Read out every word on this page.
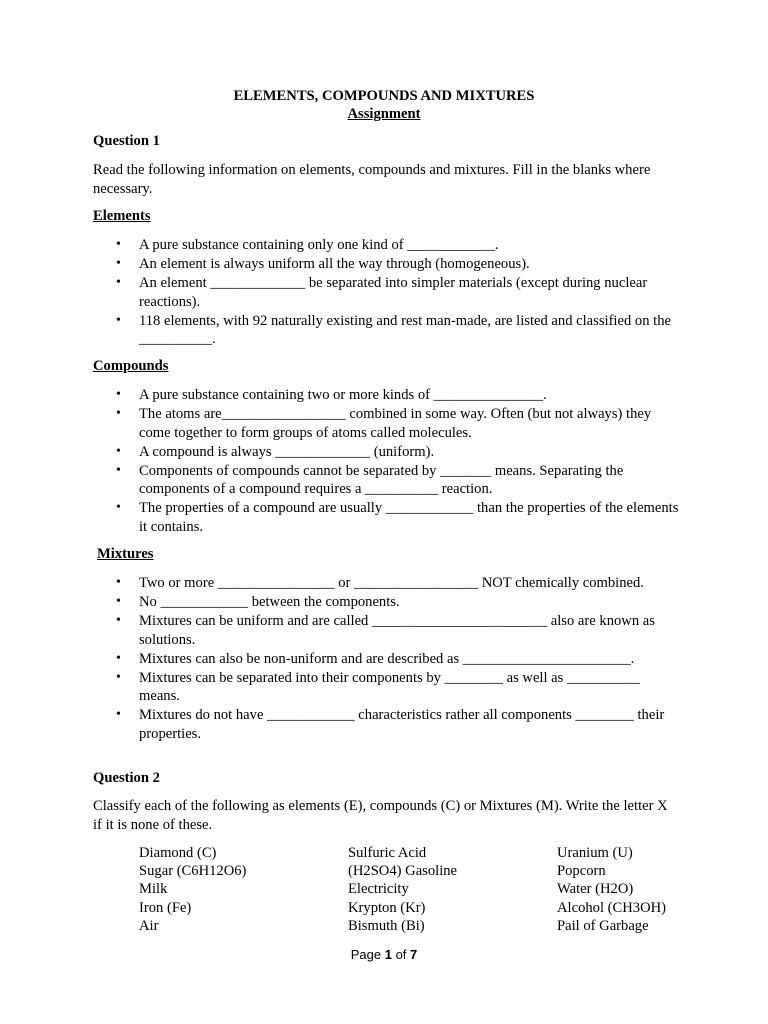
ELEMENTS, COMPOUNDS AND MIXTURES
Assignment
Question 1
Read the following information on elements, compounds and mixtures. Fill in the blanks where necessary.
Elements
• A pure substance containing only one kind of ____________.
• An element is always uniform all the way through (homogeneous).
• An element _____________ be separated into simpler materials (except during nuclear reactions).
• 118 elements, with 92 naturally existing and rest man-made, are listed and classified on the __________.
Compounds
• A pure substance containing two or more kinds of _______________.
• The atoms are_________________ combined in some way. Often (but not always) they come together to form groups of atoms called molecules.
• A compound is always _____________ (uniform).
• Components of compounds cannot be separated by _______ means. Separating the components of a compound requires a __________ reaction.
• The properties of a compound are usually ____________ than the properties of the elements it contains.
Mixtures
• Two or more ________________ or _________________ NOT chemically combined.
• No ____________ between the components.
• Mixtures can be uniform and are called ________________________ also are known as solutions.
• Mixtures can also be non-uniform and are described as _______________________.
• Mixtures can be separated into their components by ________ as well as __________ means.
• Mixtures do not have ____________ characteristics rather all components ________ their properties.
Question 2
Classify each of the following as elements (E), compounds (C) or Mixtures (M). Write the letter X if it is none of these.
Diamond (C)
Sugar (C6H12O6)
Milk
Iron (Fe)
Air
Sulfuric Acid
(H2SO4) Gasoline
Electricity
Krypton (Kr)
Bismuth (Bi)
Uranium (U)
Popcorn
Water (H2O)
Alcohol (CH3OH)
Pail of Garbage
Page 1 of 7
